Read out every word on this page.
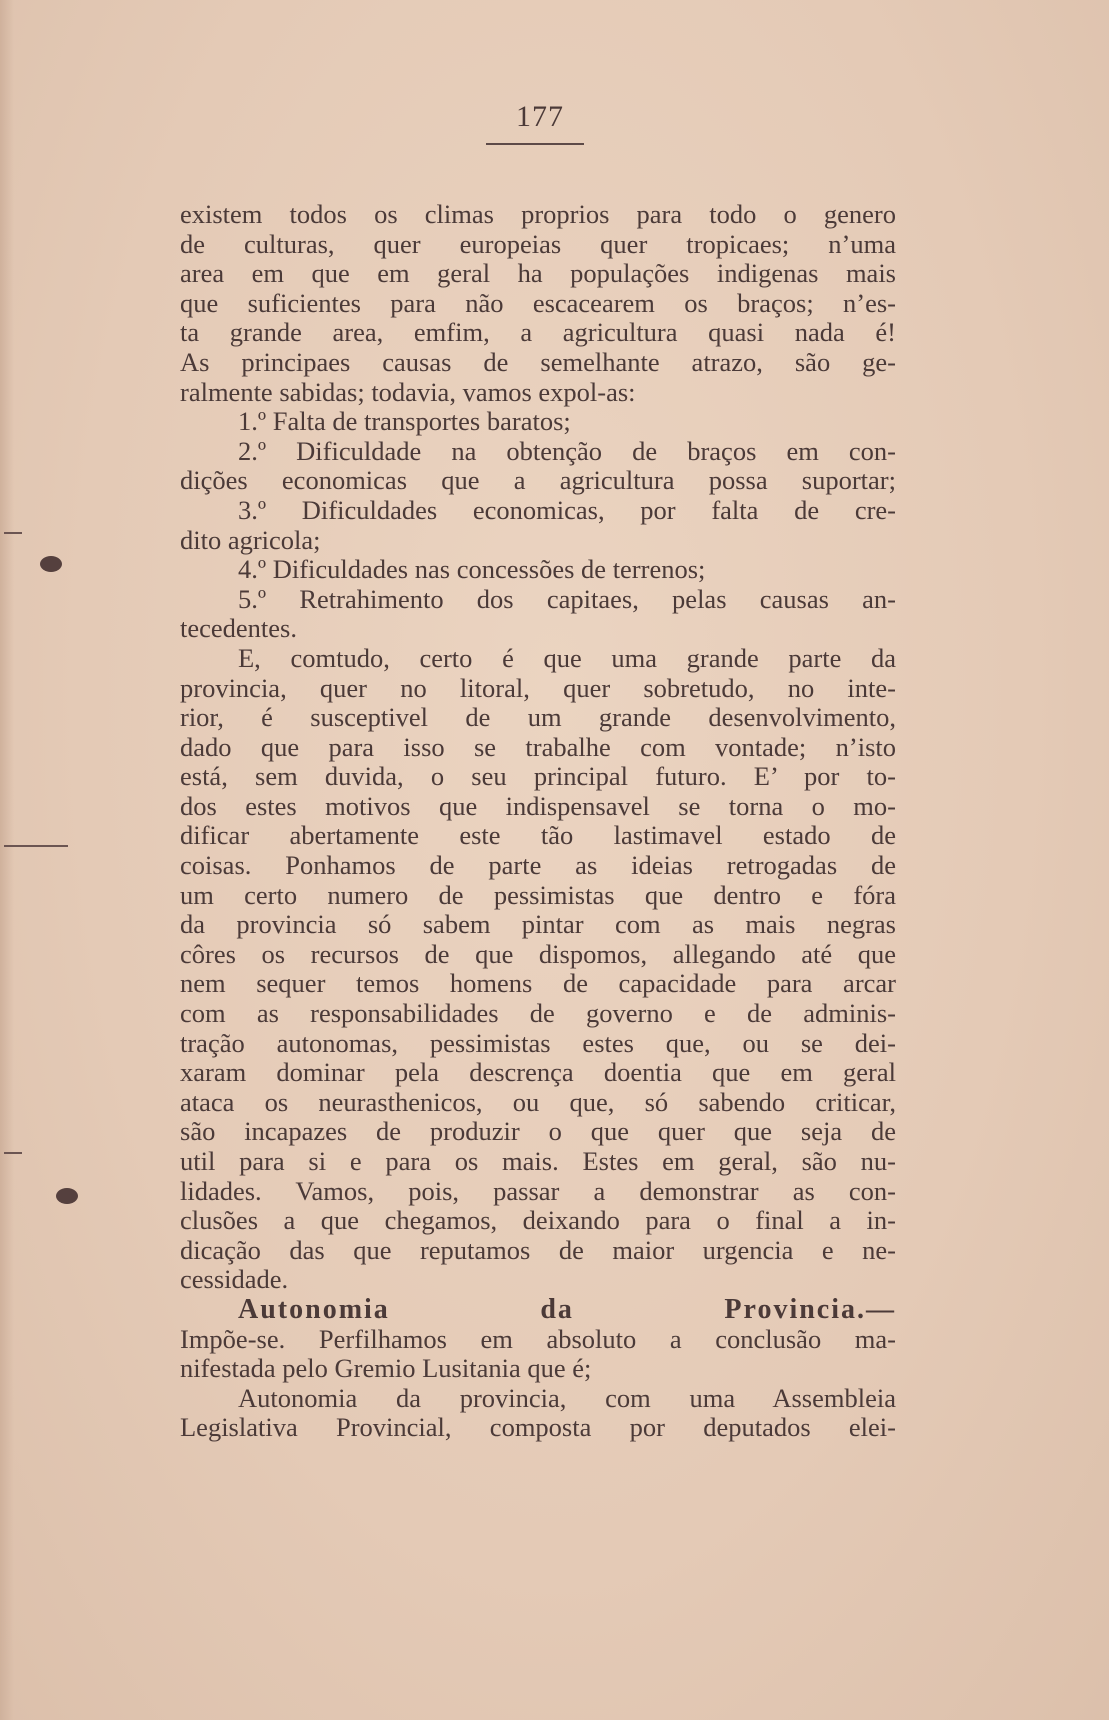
177
existem todos os climas proprios para todo o genero
de culturas, quer europeias quer tropicaes; n’uma
area em que em geral ha populações indigenas mais
que suficientes para não escacearem os braços; n’es-
ta grande area, emfim, a agricultura quasi nada é!
As principaes causas de semelhante atrazo, são ge-
ralmente sabidas; todavia, vamos expol-as:
1.º Falta de transportes baratos;
2.º Dificuldade na obtenção de braços em con-
dições economicas que a agricultura possa suportar;
3.º Dificuldades economicas, por falta de cre-
dito agricola;
4.º Dificuldades nas concessões de terrenos;
5.º Retrahimento dos capitaes, pelas causas an-
tecedentes.
E, comtudo, certo é que uma grande parte da
provincia, quer no litoral, quer sobretudo, no inte-
rior, é susceptivel de um grande desenvolvimento,
dado que para isso se trabalhe com vontade; n’isto
está, sem duvida, o seu principal futuro. E’ por to-
dos estes motivos que indispensavel se torna o mo-
dificar abertamente este tão lastimavel estado de
coisas. Ponhamos de parte as ideias retrogadas de
um certo numero de pessimistas que dentro e fóra
da provincia só sabem pintar com as mais negras
côres os recursos de que dispomos, allegando até que
nem sequer temos homens de capacidade para arcar
com as responsabilidades de governo e de adminis-
tração autonomas, pessimistas estes que, ou se dei-
xaram dominar pela descrença doentia que em geral
ataca os neurasthenicos, ou que, só sabendo criticar,
são incapazes de produzir o que quer que seja de
util para si e para os mais. Estes em geral, são nu-
lidades. Vamos, pois, passar a demonstrar as con-
clusões a que chegamos, deixando para o final a in-
dicação das que reputamos de maior urgencia e ne-
cessidade.
Autonomia da Provincia.—
Impõe-se. Perfilhamos em absoluto a conclusão ma-
nifestada pelo Gremio Lusitania que é;
Autonomia da provincia, com uma Assembleia
Legislativa Provincial, composta por deputados elei-
